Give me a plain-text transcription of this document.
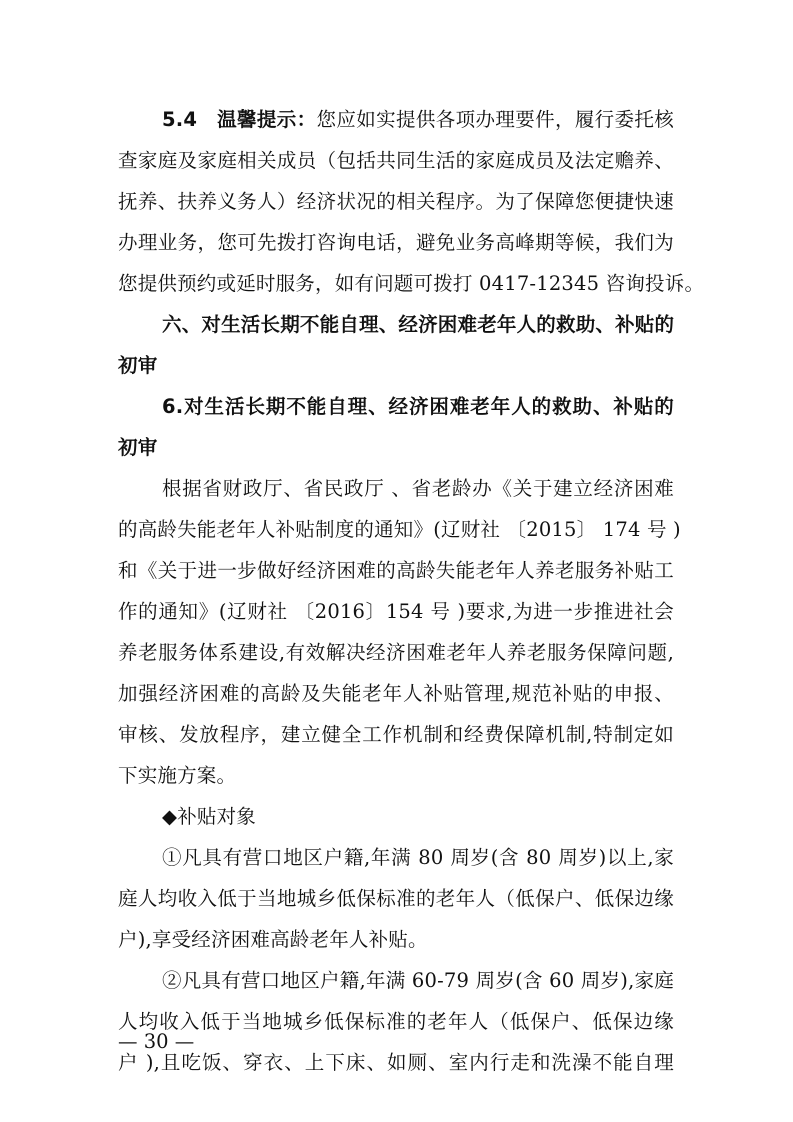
5.4　温馨提示：您应如实提供各项办理要件，履行委托核
查家庭及家庭相关成员（包括共同生活的家庭成员及法定赡养、
抚养、扶养义务人）经济状况的相关程序。为了保障您便捷快速
办理业务，您可先拨打咨询电话，避免业务高峰期等候，我们为
您提供预约或延时服务，如有问题可拨打 0417-12345 咨询投诉。
六、对生活长期不能自理、经济困难老年人的救助、补贴的
初审
6.对生活长期不能自理、经济困难老年人的救助、补贴的
初审
根据省财政厅、省民政厅 、省老龄办《关于建立经济困难
的高龄失能老年人补贴制度的通知》(辽财社 〔2015〕 174 号 )
和《关于进一步做好经济困难的高龄失能老年人养老服务补贴工
作的通知》(辽财社 〔2016〕154 号 )要求,为进一步推进社会
养老服务体系建设,有效解决经济困难老年人养老服务保障问题,
加强经济困难的高龄及失能老年人补贴管理,规范补贴的申报、
审核、发放程序，建立健全工作机制和经费保障机制,特制定如
下实施方案。
◆补贴对象
①凡具有营口地区户籍,年满 80 周岁(含 80 周岁)以上,家
庭人均收入低于当地城乡低保标准的老年人（低保户、低保边缘
户),享受经济困难高龄老年人补贴。
②凡具有营口地区户籍,年满 60-79 周岁(含 60 周岁),家庭
人均收入低于当地城乡低保标准的老年人（低保户、低保边缘
户 ),且吃饭、穿衣、上下床、如厕、室内行走和洗澡不能自理
— 30 —
